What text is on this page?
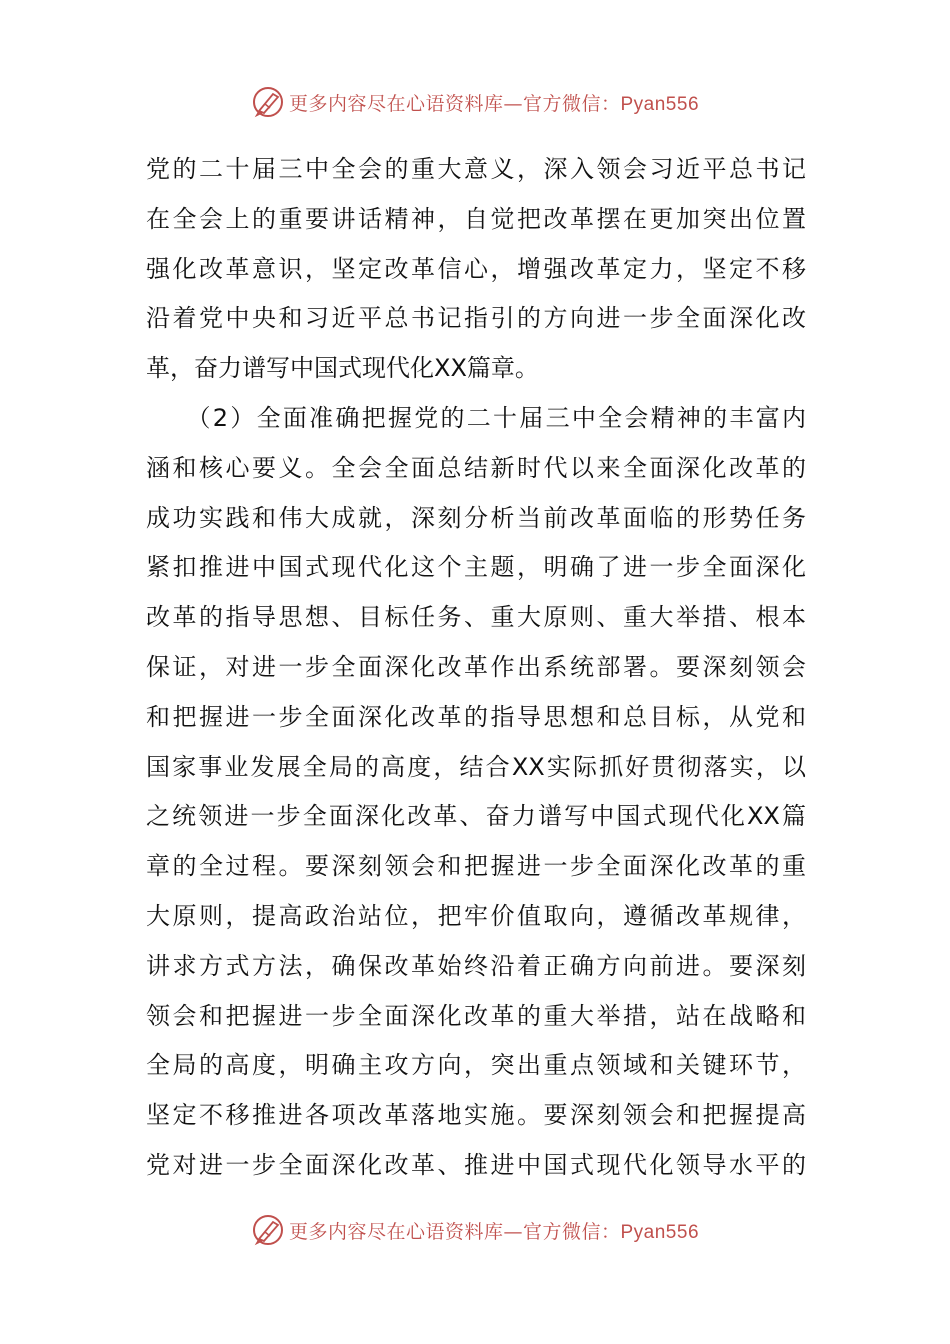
更多内容尽在心语资料库—官方微信：Pyan556
党的二十届三中全会的重大意义，深入领会习近平总书记
在全会上的重要讲话精神，自觉把改革摆在更加突出位置
强化改革意识，坚定改革信心，增强改革定力，坚定不移
沿着党中央和习近平总书记指引的方向进一步全面深化改
革，奋力谱写中国式现代化XX篇章。
　　（2）全面准确把握党的二十届三中全会精神的丰富内
涵和核心要义。全会全面总结新时代以来全面深化改革的
成功实践和伟大成就，深刻分析当前改革面临的形势任务
紧扣推进中国式现代化这个主题，明确了进一步全面深化
改革的指导思想、目标任务、重大原则、重大举措、根本
保证，对进一步全面深化改革作出系统部署。要深刻领会
和把握进一步全面深化改革的指导思想和总目标，从党和
国家事业发展全局的高度，结合XX实际抓好贯彻落实，以
之统领进一步全面深化改革、奋力谱写中国式现代化XX篇
章的全过程。要深刻领会和把握进一步全面深化改革的重
大原则，提高政治站位，把牢价值取向，遵循改革规律，
讲求方式方法，确保改革始终沿着正确方向前进。要深刻
领会和把握进一步全面深化改革的重大举措，站在战略和
全局的高度，明确主攻方向，突出重点领域和关键环节，
坚定不移推进各项改革落地实施。要深刻领会和把握提高
党对进一步全面深化改革、推进中国式现代化领导水平的
更多内容尽在心语资料库—官方微信：Pyan556
